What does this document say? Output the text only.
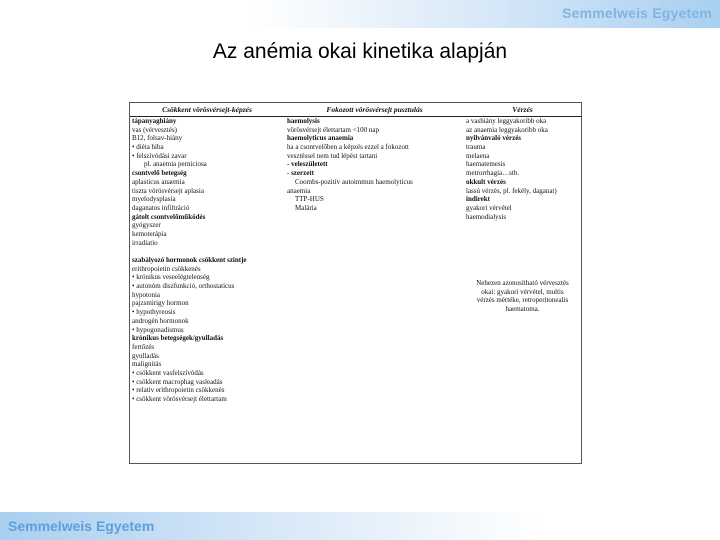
Semmelweis Egyetem
Az anémia okai kinetika alapján
Csökkent vörösvérsejt-képzés	Fokozott vörösvérsejt pusztulás	Vérzés
tápanyaghiány
vas (vérvesztés)
B12, folsav-hiány
• diéta hiba
• felszívódási zavar
pl. anaemia perniciosa
csontvelő betegség
aplasticus anaemia
tiszta vörösvérsejt aplasia
myelodysplasia
daganatos infiltráció
gátolt csontvelőműködés
gyógyszer
kemoterápia
irradiatio
szabályozó hormonok csökkent szintje
erithropoietin csökkenés
• krónikus veseelégtelenség
• autonóm diszfunkció, orthostaticus
hypotonia
pajzsmirigy hormon
• hypothyreosis
androgén hormonok
• hypogonadismus
krónikus betegségek/gyulladás
fertőzés
gyulladás
malignitás
• csökkent vasfelszívódás
• csökkent macrophag vasleadás
• relatív erithropoietin csökkenés
• csökkent vörösvérsejt élettartam
haemolysis
vörösvérsejt élettartam <100 nap
haemolyticus anaemia
ha a csontvelőben a képzés ezzel a fokozott
vesztéssel nem tud lépést tartani
- veleszületett
- szerzett
Coombs-pozitív autoimmun haemolyticus
anaemia
TTP-HUS
Malária
a vashiány leggyakoribb oka
az anaemia leggyakoribb oka
nyilvánvaló vérzés
trauma
melaena
haematemesis
metrorrhagia…stb.
okkult vérzés
lassú vérzés, pl. fekély, daganat)
indirekt
gyakori vérvétel
haemodialysis
Nehezen azonosítható vérvesztés
okai: gyakori vérvétel, multis
vérzés mértéke, retroperitonealis
haematoma.
Semmelweis Egyetem
